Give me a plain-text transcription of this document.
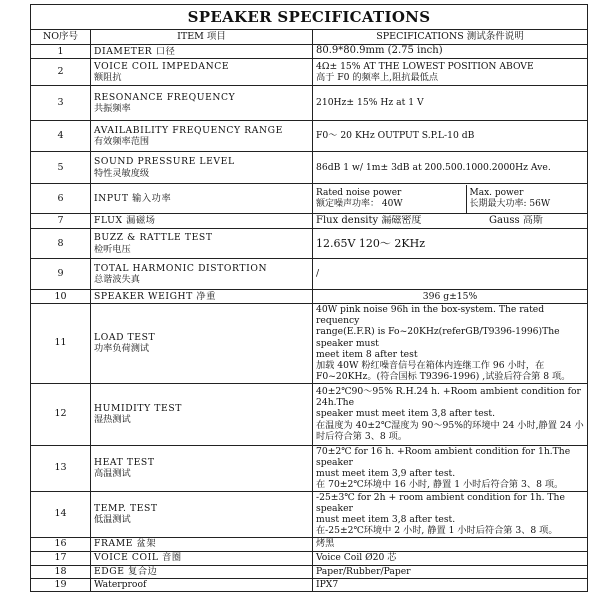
SPEAKER SPECIFICATIONS
NO序号	ITEM 项目	SPECIFICATIONS 测试条件说明
1	DIAMETER 口径	80.9*80.9mm (2.75 inch)
2	VOICE COIL IMPEDANCE
额阻抗	4Ω± 15% AT THE LOWEST POSITION ABOVE
高于 F0 的频率上,阻抗最低点
3	RESONANCE FREQUENCY
共振频率	210Hz± 15% Hz at 1 V
4	AVAILABILITY FREQUENCY RANGE
有效频率范围	F0～ 20 KHz OUTPUT S.P.L-10 dB
5	SOUND PRESSURE LEVEL
特性灵敏度级	86dB 1 w/ 1m± 3dB at 200.500.1000.2000Hz Ave.
6	INPUT 输入功率	
Rated noise power
额定噪声功率： 40W	Max. power
长期最大功率: 56W

7	FLUX 漏磁场		Flux density 漏磁密度	Gauss 高斯

8	BUZZ & RATTLE TEST
检听电压	12.65V 120～ 2KHz
9	TOTAL HARMONIC DISTORTION
总谐波失真	/
10	SPEAKER WEIGHT 净重	396 g±15%
11	LOAD TEST
功率负荷测试	40W pink noise 96h in the box-system. The rated requency
range(E.F.R) is Fo~20KHz(referGB/T9396-1996)The speaker must
meet item 8 after test
加载 40W 粉红噪音信号在箱体内连继工作 96 小时，在
F0~20KHz。(符合国标 T9396-1996) ,试验后符合第 8 项。
12	HUMIDITY TEST
湿热测试	40±2℃90～95% R.H.24 h. +Room ambient condition for 24h.The
speaker must meet item 3,8 after test.
在温度为 40±2℃湿度为 90～95%的环境中 24 小时,静置 24 小
时后符合第 3、8 项。
13	HEAT TEST
高温测试	70±2℃ for 16 h. +Room ambient condition for 1h.The speaker
must meet item 3,9 after test.
在 70±2℃环境中 16 小时, 静置 1 小时后符合第 3、8 项。
14	TEMP. TEST
低温测试	-25±3℃ for 2h + room ambient condition for 1h. The speaker
must meet item 3,8 after test.
在-25±2℃环境中 2 小时, 静置 1 小时后符合第 3、8 项。
16	FRAME 盆架	烤黑
17	VOICE COIL 音圈	Voice Coil Ø20 芯
18	EDGE 复合边	Paper/Rubber/Paper
19	Waterproof	IPX7
